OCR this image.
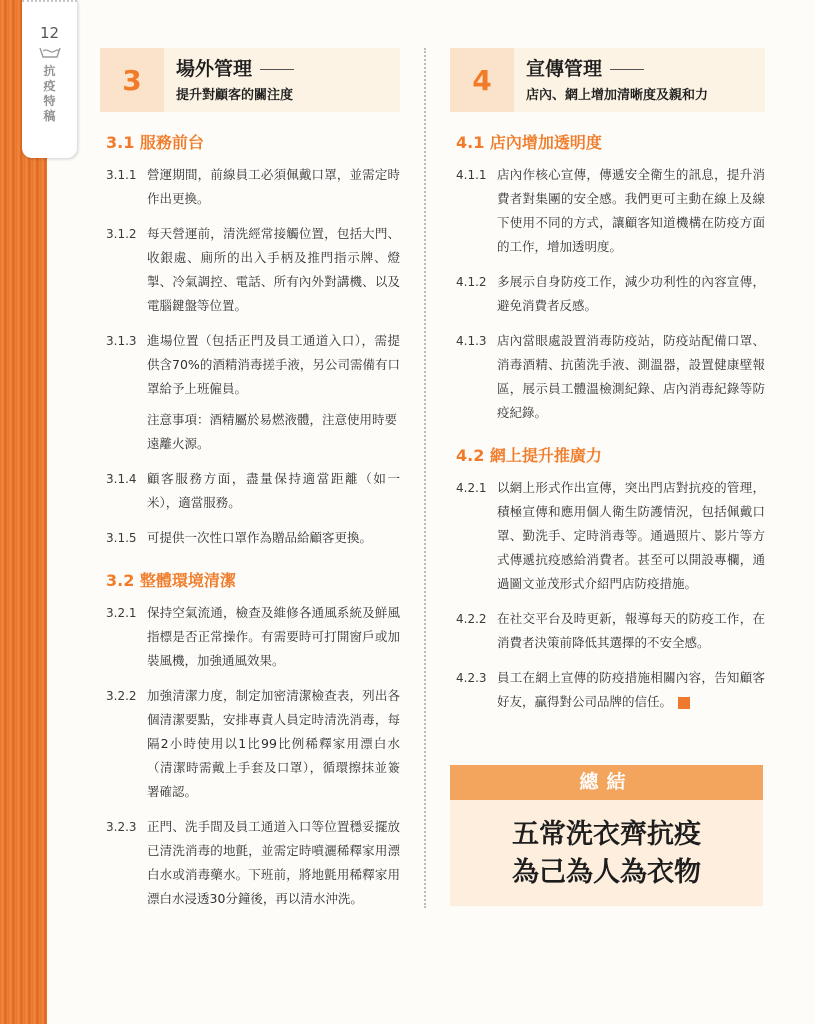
12
抗疫特稿
3	場外管理
提升對顧客的關注度
3.1 服務前台
3.1.1 營運期間，前線員工必須佩戴口罩，並需定時作出更換。
3.1.2 每天營運前，清洗經常接觸位置，包括大門、收銀處、廁所的出入手柄及推門指示牌、燈掣、冷氣調控、電話、所有內外對講機、以及電腦鍵盤等位置。
3.1.3 進場位置（包括正門及員工通道入口），需提供含70%的酒精消毒搓手液，另公司需備有口罩給予上班僱員。
注意事項：酒精屬於易燃液體，注意使用時要遠離火源。
3.1.4 顧客服務方面，盡量保持適當距離（如一米），適當服務。
3.1.5 可提供一次性口罩作為贈品給顧客更換。
3.2 整體環境清潔
3.2.1 保持空氣流通，檢查及維修各通風系統及鮮風指標是否正常操作。有需要時可打開窗戶或加裝風機，加強通風效果。
3.2.2 加強清潔力度，制定加密清潔檢查表，列出各個清潔要點，安排專責人員定時清洗消毒，每隔2小時使用以1比99比例稀釋家用漂白水（清潔時需戴上手套及口罩），循環擦抹並簽署確認。
3.2.3 正門、洗手間及員工通道入口等位置穩妥擺放已清洗消毒的地氈，並需定時噴灑稀釋家用漂白水或消毒藥水。下班前，將地氈用稀釋家用漂白水浸透30分鐘後，再以清水沖洗。
4	宣傳管理
店內、網上增加清晰度及親和力
4.1 店內增加透明度
4.1.1 店內作核心宣傳，傳遞安全衛生的訊息，提升消費者對集團的安全感。我們更可主動在線上及線下使用不同的方式，讓顧客知道機構在防疫方面的工作，增加透明度。
4.1.2 多展示自身防疫工作，減少功利性的內容宣傳，避免消費者反感。
4.1.3 店內當眼處設置消毒防疫站，防疫站配備口罩、消毒酒精、抗菌洗手液、測溫器，設置健康壁報區，展示員工體溫檢測紀錄、店內消毒紀錄等防疫紀錄。
4.2 網上提升推廣力
4.2.1 以網上形式作出宣傳，突出門店對抗疫的管理，積極宣傳和應用個人衛生防護情況，包括佩戴口罩、勤洗手、定時消毒等。通過照片、影片等方式傳遞抗疫感給消費者。甚至可以開設專欄，通過圖文並茂形式介紹門店防疫措施。
4.2.2 在社交平台及時更新，報導每天的防疫工作，在消費者決策前降低其選擇的不安全感。
4.2.3 員工在網上宣傳的防疫措施相關內容，告知顧客好友，贏得對公司品牌的信任。
總結
五常洗衣齊抗疫
為己為人為衣物
